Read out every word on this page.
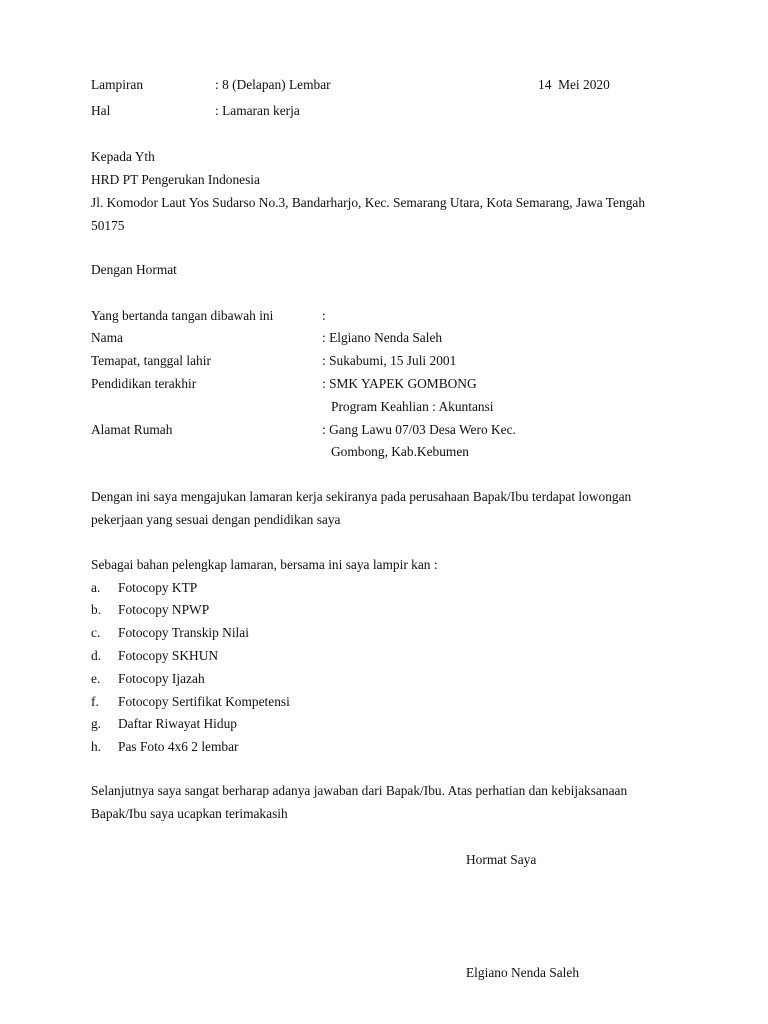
Lampiran	: 8 (Delapan) Lembar	14  Mei 2020
Hal	: Lamaran kerja
Kepada Yth
HRD PT Pengerukan Indonesia
Jl. Komodor Laut Yos Sudarso No.3, Bandarharjo, Kec. Semarang Utara, Kota Semarang, Jawa Tengah 50175
Dengan Hormat
Yang bertanda tangan dibawah ini	:
Nama	: Elgiano Nenda Saleh
Temapat, tanggal lahir	: Sukabumi, 15 Juli 2001
Pendidikan terakhir	: SMK YAPEK GOMBONG
Program Keahlian : Akuntansi
Alamat Rumah	: Gang Lawu 07/03 Desa Wero Kec.
Gombong, Kab.Kebumen
Dengan ini saya mengajukan lamaran kerja sekiranya pada perusahaan Bapak/Ibu terdapat lowongan pekerjaan yang sesuai dengan pendidikan saya
Sebagai bahan pelengkap lamaran, bersama ini saya lampir kan :
a. Fotocopy KTP
b. Fotocopy NPWP
c. Fotocopy Transkip Nilai
d. Fotocopy SKHUN
e. Fotocopy Ijazah
f. Fotocopy Sertifikat Kompetensi
g. Daftar Riwayat Hidup
h. Pas Foto 4x6 2 lembar
Selanjutnya saya sangat berharap adanya jawaban dari Bapak/Ibu. Atas perhatian dan kebijaksanaan Bapak/Ibu saya ucapkan terimakasih
Hormat Saya
Elgiano Nenda Saleh
